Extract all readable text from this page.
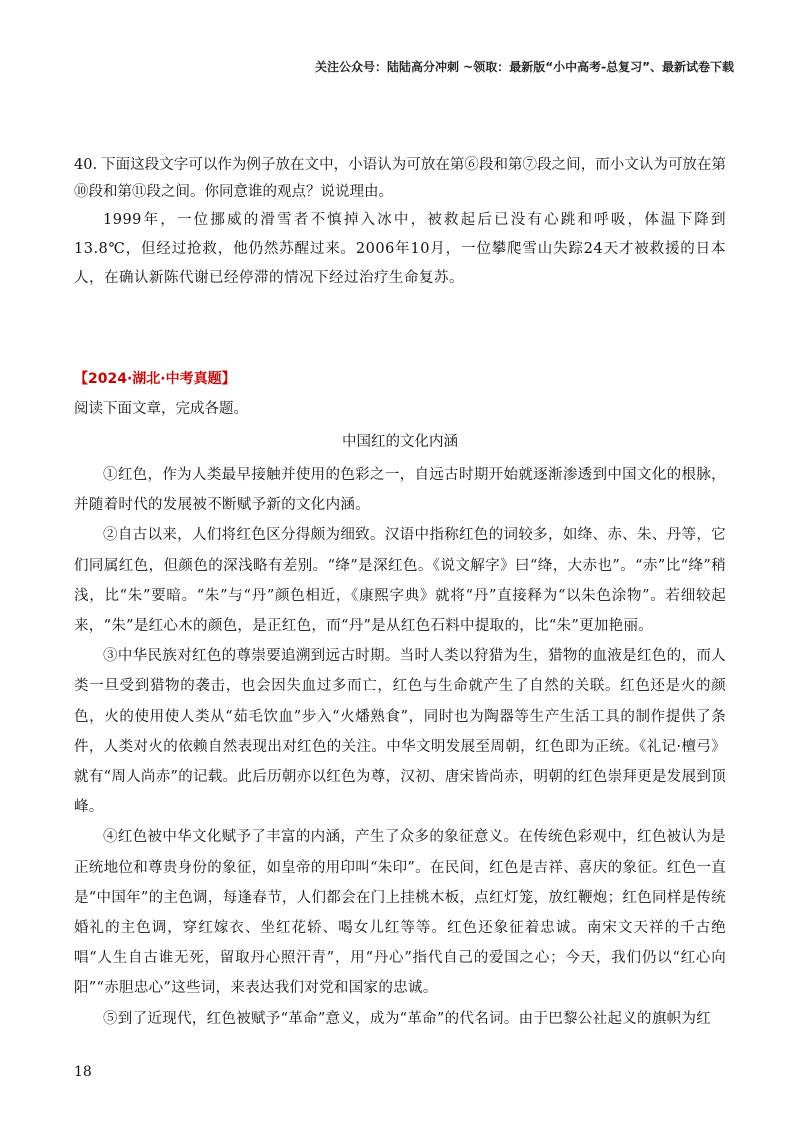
关注公众号：陆陆高分冲刺 ~领取：最新版“小中高考-总复习”、最新试卷下载

40. 下面这段文字可以作为例子放在文中，小语认为可放在第⑥段和第⑦段之间，而小文认为可放在第⑩段和第⑪段之间。你同意谁的观点？说说理由。

1999年，一位挪威的滑雪者不慎掉入冰中，被救起后已没有心跳和呼吸，体温下降到13.8℃，但经过抢救，他仍然苏醒过来。2006年10月，一位攀爬雪山失踪24天才被救援的日本人，在确认新陈代谢已经停滞的情况下经过治疗生命复苏。

【2024·湖北·中考真题】
阅读下面文章，完成各题。
中国红的文化内涵

①红色，作为人类最早接触并使用的色彩之一，自远古时期开始就逐渐渗透到中国文化的根脉，并随着时代的发展被不断赋予新的文化内涵。

②自古以来，人们将红色区分得颇为细致。汉语中指称红色的词较多，如绛、赤、朱、丹等，它们同属红色，但颜色的深浅略有差别。“绛”是深红色。《说文解字》曰“绛，大赤也”。“赤”比“绛”稍浅，比“朱”要暗。“朱”与“丹”颜色相近，《康熙字典》就将“丹”直接释为“以朱色涂物”。若细较起来，“朱”是红心木的颜色，是正红色，而“丹”是从红色石料中提取的，比“朱”更加艳丽。

③中华民族对红色的尊崇要追溯到远古时期。当时人类以狩猎为生，猎物的血液是红色的，而人类一旦受到猎物的袭击，也会因失血过多而亡，红色与生命就产生了自然的关联。红色还是火的颜色，火的使用使人类从“茹毛饮血”步入“火燔熟食”，同时也为陶器等生产生活工具的制作提供了条件，人类对火的依赖自然表现出对红色的关注。中华文明发展至周朝，红色即为正统。《礼记·檀弓》就有“周人尚赤”的记载。此后历朝亦以红色为尊，汉初、唐宋皆尚赤，明朝的红色崇拜更是发展到顶峰。

④红色被中华文化赋予了丰富的内涵，产生了众多的象征意义。在传统色彩观中，红色被认为是正统地位和尊贵身份的象征，如皇帝的用印叫“朱印”。在民间，红色是吉祥、喜庆的象征。红色一直是“中国年”的主色调，每逢春节，人们都会在门上挂桃木板，点红灯笼，放红鞭炮；红色同样是传统婚礼的主色调，穿红嫁衣、坐红花轿、喝女儿红等等。红色还象征着忠诚。南宋文天祥的千古绝唱“人生自古谁无死，留取丹心照汗青”，用“丹心”指代自己的爱国之心；今天，我们仍以“红心向阳”“赤胆忠心”这些词，来表达我们对党和国家的忠诚。

⑤到了近现代，红色被赋予“革命”意义，成为“革命”的代名词。由于巴黎公社起义的旗帜为红

18
